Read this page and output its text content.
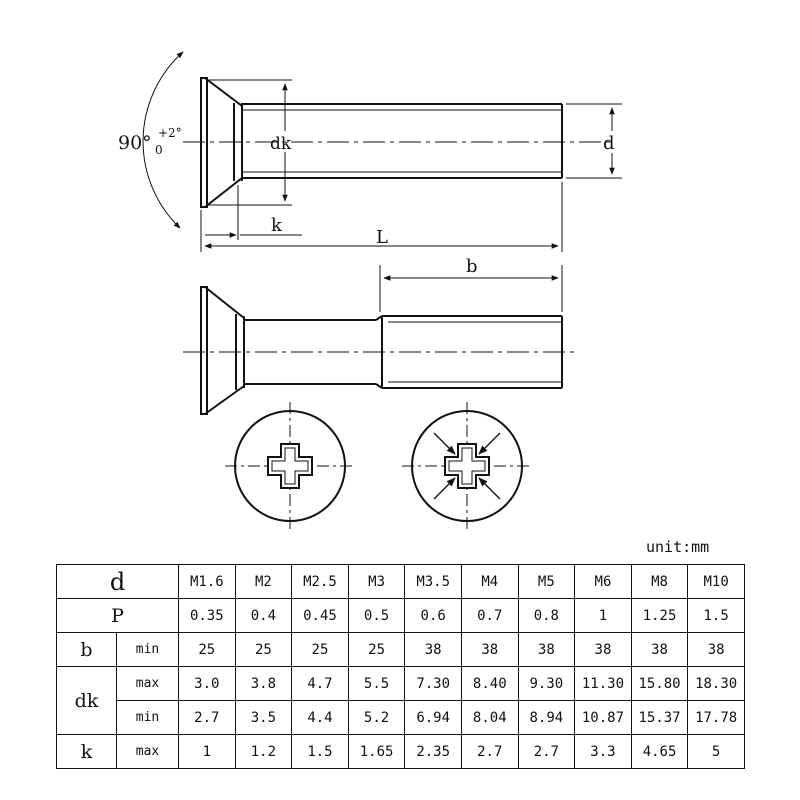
90° +2°
0	dk	d
k
L
b
unit:mm
d		M1.6	M2	M2.5	M3	M3.5	M4	M5	M6	M8	M10
P		0.35	0.4	0.45	0.5	0.6	0.7	0.8	1	1.25	1.5
b	min	25	25	25	25	38	38	38	38	38	38
dk	max	3.0	3.8	4.7	5.5	7.30	8.40	9.30	11.30	15.80	18.30
	min	2.7	3.5	4.4	5.2	6.94	8.04	8.94	10.87	15.37	17.78
k	max	1	1.2	1.5	1.65	2.35	2.7	2.7	3.3	4.65	5
